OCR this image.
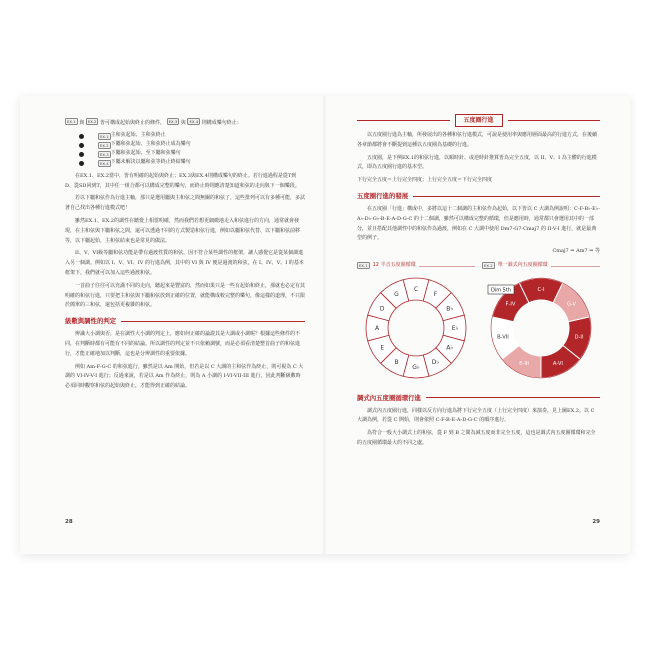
EX.1 與 EX.2 皆可構成起始與終止的條件， EX.3 與 EX.4 則構成樂句終止：

EX.1 主和弦起始、主和弦終止
EX.2 下屬和弦起始、主和弦終止成為樂句
EX.3 下屬和弦起始、至下屬和弦樂句
EX.4 下屬未解決以屬和弦等終止終結樂句

在EX.1、EX.2當中，皆有明確的起始與終止；EX.3與EX.4則構成樂句的終止。若行進過程是從T到D、從SD回到T，其中任一組合都可以構成完整的樂句，而終止時則應清楚知道和弦的走向與下一個樂段。

若以下屬和弦作為行進主軸，那只是選用屬與主和弦之間無關的和弦了，這些排列可以有多種可能，多試著自己找出各種行進模式吧！

雖然EX.1、EX.2的調性在聽覺上相當明確，然而我們若想更細緻地走入和弦進行的方向，通常就會發現，在主和弦與下屬和弦之間，還可以透過不同的方式製造和弦行進，例如以屬和弦代替、以下屬和弦前移等，以下屬起始，主和弦結束也是常見的做法。

II、V、VI級等屬和弦功能是帶有過渡性質的和弦，因不符合某些調性的框架，讓人感覺它是從某個調進入另一個調。例如以 I、V、VI、IV 的行進為例，其中的 VI 與 IV 便是過渡的和弦，在 I、IV、V、I 的基本框架下，我們就可以加入這些過渡和弦。

一首曲子往往可以充滿不同的走向，聽起來是豐富的，然而如果只是一些有起始和終止，那就也必定有其明確的和弦行進，只要把主和弦與下屬和弦放到正確的位置，就能構成較完整的樂句，像這樣的道理，不只限於簡單的三和弦，還包括更複雜的和弦。

級數與調性的判定

辨識大小調與否，是在調性大小調的判定上，應如何正確的論證其是大調或小調呢？根據這些條件的不同，在判斷時都有可能有不同的結論。所以調性的判定並不只依賴調號，而是必須看清楚整首曲子的和弦進行，才能正確地加以判斷，這也是分辨調性的重要依據。

例如 Am-F-G-C 的和弦進行，雖然是以 Am 開始，但若是以 C 大調的主和弦作為終止，則可視為 C 大調的 VI-IV-V-I 進行；反過來說，若是以 Am 作為終止，則為 A 小調的 I-VI-VII-III 進行，因此判斷級數時必須同時觀察和弦的起始與終止，才能得到正確的結論。

28
五度圈行進

以五度圈行進為主軸，所發展出的各種和弦行進模式，可說是使用率與應用層面最高的行進方式，在後續各章節都將會不斷提到這種以五度圈為基礎的行進。

五度圈，是下例EX.1的和弦行進，以順時針、或逆時針推算皆為完全五度，以 II、V、I 為主體的行進模式，即為五度圈行進的基本型。

下行完全五度＝上行完全四度；上行完全五度＝下行完全四度
五度圈行進的發展

在五度圈「行進」構成中，多將以這十二個調的主和弦作為起始，以下皆以 C 大調為例說明：C-F-B♭-E♭-A♭-D♭-G♭-B-E-A-D-G-C 的十二個調，雖然可以構成完整的循環，但是應用時，通常都只會選用其中的一部分，並且搭配其他調性中的和弦作為過渡，例如在 C 大調中使用 Dm7-G7-Cmaj7 的 II-V-I 進行，就是最典型的例子。

Cmaj7 ⇒ Am7 ⇒ 等
EX.1	12 半音五度圈循環
C
F
B♭
E♭
A♭
D♭
G♭
B
E
A
D
G
EX.2	單一調式內五度圈循環
C-I
G-V
D-II
A-VI
E-III
B-VII
F-IV
Dim 5th
調式內五度圈循環行進

調式內五度圈行進，同樣以反方向行進為將下行完全五度（上行完全四度）來演奏，見上圖EX.2。以 C 大調為例，若從 C 開始，則會依照 C-F-B-E-A-D-G-C 的順序進行。

為符合一般大小調式上的和弦，從 F 到 B 之間為減五度而非完全五度，這也是調式內五度圈循環和完全的五度圈循環最大的不同之處。

29
